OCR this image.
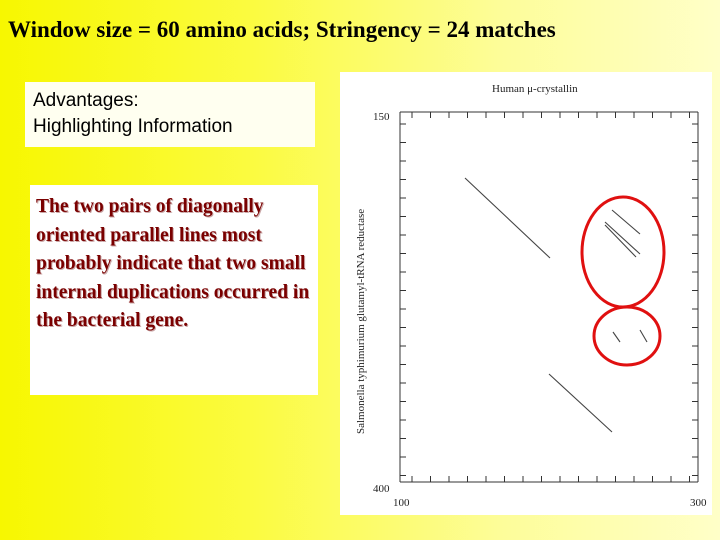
Window size = 60 amino acids; Stringency = 24 matches
Advantages:
Highlighting Information
The two pairs of diagonally oriented parallel lines most probably indicate that two small internal duplications occurred in the bacterial gene.
Human μ-crystallin
150
400
100	300
Salmonella typhimurium glutamyl-tRNA reductase
